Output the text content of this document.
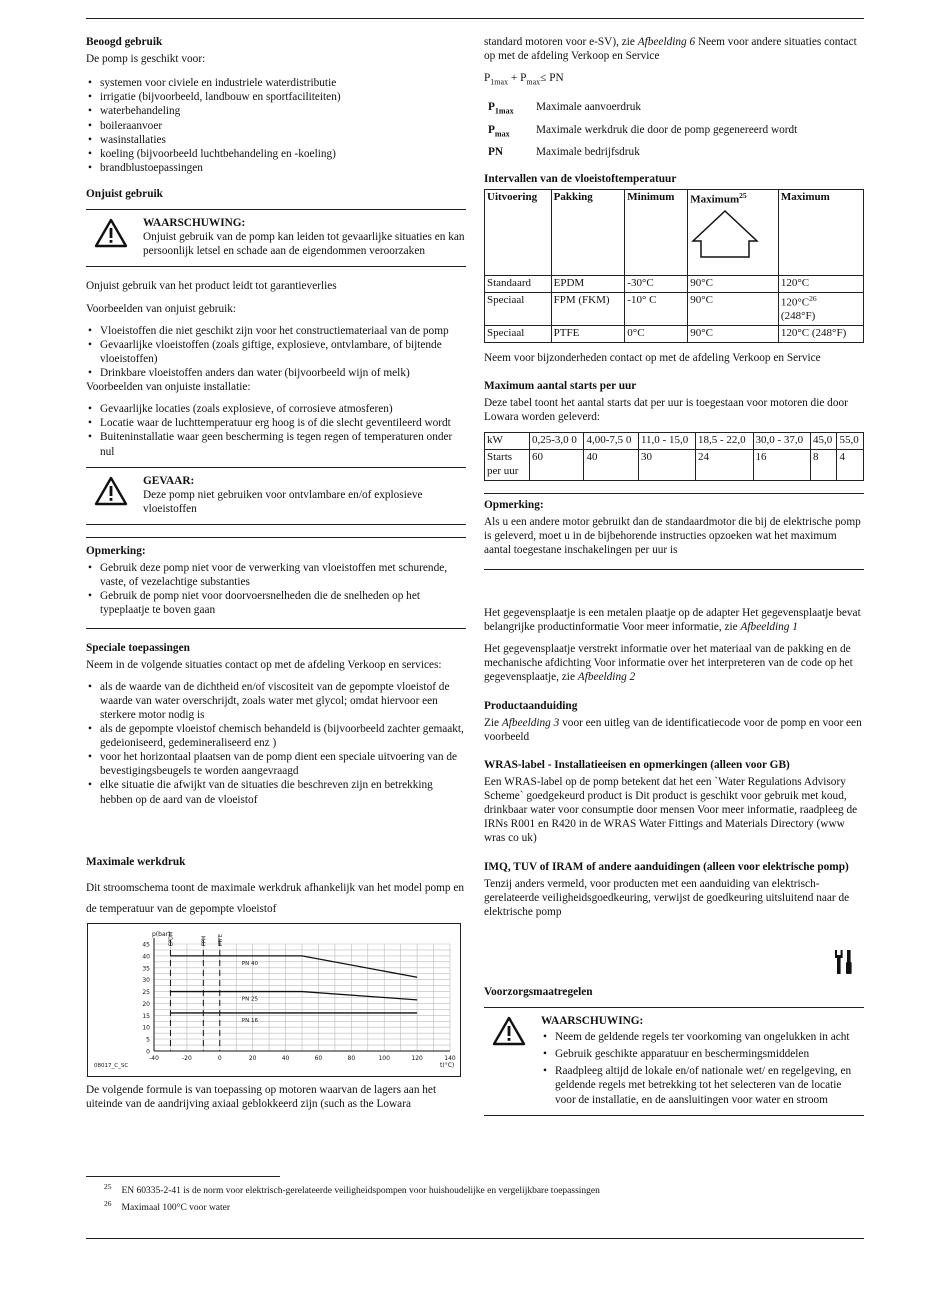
Beoogd gebruik

De pomp is geschikt voor:

• systemen voor civiele en industriele waterdistributie
• irrigatie (bijvoorbeeld, landbouw en sportfaciliteiten)
• waterbehandeling
• boileraanvoer
• wasinstallaties
• koeling (bijvoorbeeld luchtbehandeling en -koeling)
• brandblustoepassingen

Onjuist gebruik

WAARSCHUWING:
Onjuist gebruik van de pomp kan leiden tot gevaarlijke situaties en kan persoonlijk letsel en schade aan de eigendommen veroorzaken

Onjuist gebruik van het product leidt tot garantieverlies

Voorbeelden van onjuist gebruik:

• Vloeistoffen die niet geschikt zijn voor het constructiemateriaal van de pomp
• Gevaarlijke vloeistoffen (zoals giftige, explosieve, ontvlambare, of bijtende vloeistoffen)
• Drinkbare vloeistoffen anders dan water (bijvoorbeeld wijn of melk)

Voorbeelden van onjuiste installatie:

• Gevaarlijke locaties (zoals explosieve, of corrosieve atmosferen)
• Locatie waar de luchttemperatuur erg hoog is of die slecht geventileerd wordt
• Buiteninstallatie waar geen bescherming is tegen regen of temperaturen onder nul
GEVAAR:
Deze pomp niet gebruiken voor ontvlambare en/of explosieve vloeistoffen
Opmerking:
• Gebruik deze pomp niet voor de verwerking van vloeistoffen met schurende, vaste, of vezelachtige substanties
• Gebruik de pomp niet voor doorvoersnelheden die de snelheden op het typeplaatje te boven gaan

Speciale toepassingen

Neem in de volgende situaties contact op met de afdeling Verkoop en services:

• als de waarde van de dichtheid en/of viscositeit van de gepompte vloeistof de waarde van water overschrijdt, zoals water met glycol; omdat hiervoor een sterkere motor nodig is
• als de gepompte vloeistof chemisch behandeld is (bijvoorbeeld zachter gemaakt, gedeioniseerd, gedemineraliseerd enz )
• voor het horizontaal plaatsen van de pomp dient een speciale uitvoering van de bevestigingsbeugels te worden aangevraagd
• elke situatie die afwijkt van de situaties die beschreven zijn en betrekking hebben op de aard van de vloeistof

Maximale werkdruk

Dit stroomschema toont de maximale werkdruk afhankelijk van het model pomp en de temperatuur van de gepompte vloeistof

0
5
10
15
20
25
30
35
40
45
-40	-20	0	20	40	60	80	100	120	140
p(bar)
t(°C)
08017_C_SC
EPDM	FPM PTFE
PN 40
PN 25
PN 16

De volgende formule is van toepassing op motoren waarvan de lagers aan het uiteinde van de aandrijving axiaal geblokkeerd zijn (such as the Lowara

standard motoren voor e-SV), zie Afbeelding 6 Neem voor andere situaties contact op met de afdeling Verkoop en Service

$P_{1max} + P_{max}\le$ PN

$P_{1max}$	Maximale aanvoerdruk
$P_{max}$	Maximale werkdruk die door de pomp gegenereerd wordt
PN	Maximale bedrijfsdruk

Intervallen van de vloeistoftemperatuur

Uitvoering	Pakking	Minimum	Maximum$^{25}$	Maximum
Standaard	EPDM	-30°C	90°C	120°C
Speciaal	FPM (FKM)	-10° C	90°C	$120^\circ C^{26}$
(248°F)
Speciaal	PTFE	0°C	90°C	120°C (248°F)

Neem voor bijzonderheden contact op met de afdeling Verkoop en Service

Maximum aantal starts per uur

Deze tabel toont het aantal starts dat per uur is toegestaan voor motoren die door Lowara worden geleverd:

kW	0,25-3,0 0	4,00-7,5 0	11,0 - 15,0	18,5 - 22,0	30,0 - 37,0	45,0	55,0
Starts per uur	60	40	30	24	16	8	4
Opmerking:
Als u een andere motor gebruikt dan de standaardmotor die bij de elektrische pomp is geleverd, moet u in de bijbehorende instructies opzoeken wat het maximum aantal toegestane inschakelingen per uur is

Het gegevensplaatje is een metalen plaatje op de adapter Het gegevensplaatje bevat belangrijke productinformatie Voor meer informatie, zie Afbeelding 1

Het gegevensplaatje verstrekt informatie over het materiaal van de pakking en de mechanische afdichting Voor informatie over het interpreteren van de code op het gegevensplaatje, zie Afbeelding 2

Productaanduiding

Zie Afbeelding 3 voor een uitleg van de identificatiecode voor de pomp en voor een voorbeeld

WRAS-label - Installatieeisen en opmerkingen (alleen voor GB)

Een WRAS-label op de pomp betekent dat het een `Water Regulations Advisory Scheme` goedgekeurd product is Dit product is geschikt voor gebruik met koud, drinkbaar water voor consumptie door mensen Voor meer informatie, raadpleeg de IRNs R001 en R420 in de WRAS Water Fittings and Materials Directory (www wras co uk)

IMQ, TUV of IRAM of andere aanduidingen (alleen voor elektrische pomp)

Tenzij anders vermeld, voor producten met een aanduiding van elektrisch-gerelateerde veiligheidsgoedkeuring, verwijst de goedkeuring uitsluitend naar de elektrische pomp

Voorzorgsmaatregelen

WAARSCHUWING:
• Neem de geldende regels ter voorkoming van ongelukken in acht
• Gebruik geschikte apparatuur en beschermingsmiddelen
• Raadpleeg altijd de lokale en/of nationale wet/ en regelgeving, en geldende regels met betrekking tot het selecteren van de locatie voor de installatie, en de aansluitingen voor water en stroom
$^{25}$ EN 60335-2-41 is de norm voor elektrisch-gerelateerde veiligheidspompen voor huishoudelijke en vergelijkbare toepassingen
$^{26}$ Maximaal 100°C voor water
